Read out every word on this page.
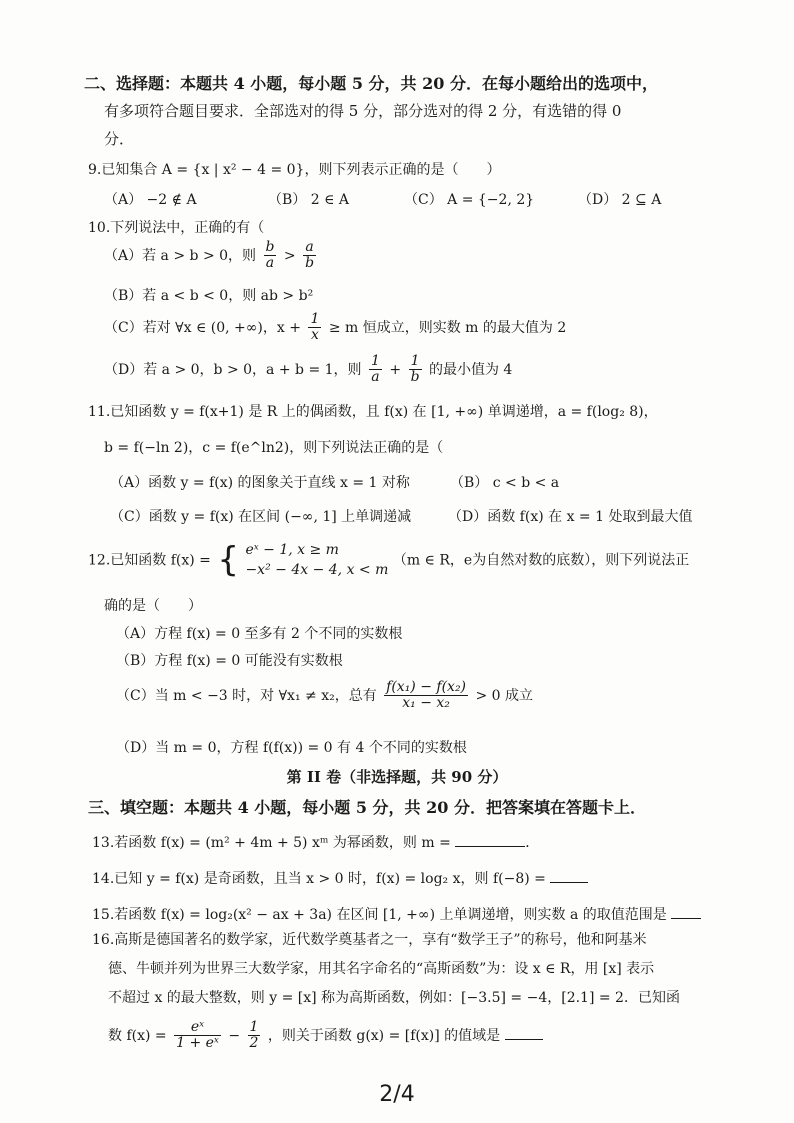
二、选择题：本题共 4 小题，每小题 5 分，共 20 分．在每小题给出的选项中，
有多项符合题目要求．全部选对的得 5 分，部分选对的得 2 分，有选错的得 0
分．
9.已知集合 A = {x | x² − 4 = 0}，则下列表示正确的是（　　）
（A） −2 ∉ A	（B） 2 ∈ A	（C） A = {−2, 2}	（D） 2 ⊆ A
10.下列说法中，正确的有（
（A）若 a > b > 0，则 $\frac{b}{a} > \frac{a}{b}$
（B）若 a < b < 0，则 ab > b²
（C）若对 ∀x ∈ (0, +∞)，$x + \frac{1}{x} \ge m$ 恒成立，则实数 m 的最大值为 2
（D）若 a > 0，b > 0，a + b = 1，则 $\frac{1}{a} + \frac{1}{b}$ 的最小值为 4
11.已知函数 y = f(x+1) 是 R 上的偶函数，且 f(x) 在 [1, +∞) 单调递增，a = f(log₂ 8)，
b = f(−ln 2)，c = f(e^ln2)，则下列说法正确的是（
（A）函数 y = f(x) 的图象关于直线 x = 1 对称	（B） c < b < a
（C）函数 y = f(x) 在区间 (−∞, 1] 上单调递减	（D）函数 f(x) 在 x = 1 处取到最大值
12.已知函数 f(x) = { eˣ − 1, x ≥ m
−x² − 4x − 4, x < m
（m ∈ R，e为自然对数的底数），则下列说法正
确的是（　　）
（A）方程 f(x) = 0 至多有 2 个不同的实数根
（B）方程 f(x) = 0 可能没有实数根
（C）当 m < −3 时，对 ∀x₁ ≠ x₂，总有 $\frac{\text{f(x₁) − f(x₂)}}{\text{x₁ − x₂}} > 0$ 成立
（D）当 m = 0，方程 f(f(x)) = 0 有 4 个不同的实数根
第 II 卷（非选择题，共 90 分）
三、填空题：本题共 4 小题，每小题 5 分，共 20 分．把答案填在答题卡上．
13.若函数 f(x) = (m² + 4m + 5) xᵐ 为幂函数，则 m =	．
14.已知 y = f(x) 是奇函数，且当 x > 0 时，f(x) = log₂ x，则 f(−8) =
15.若函数 f(x) = log₂(x² − ax + 3a) 在区间 [1, +∞) 上单调递增，则实数 a 的取值范围是
16.高斯是德国著名的数学家，近代数学奠基者之一，享有“数学王子”的称号，他和阿基米
德、牛顿并列为世界三大数学家，用其名字命名的“高斯函数”为：设 x ∈ R，用 [x] 表示
不超过 x 的最大整数，则 y = [x] 称为高斯函数，例如：[−3.5] = −4，[2.1] = 2．已知函
数 $f(x) = \frac{\text{eˣ}}{\text{1 + eˣ}} - \frac{1}{2}$ ，则关于函数 g(x) = [f(x)] 的值域是
2/4
